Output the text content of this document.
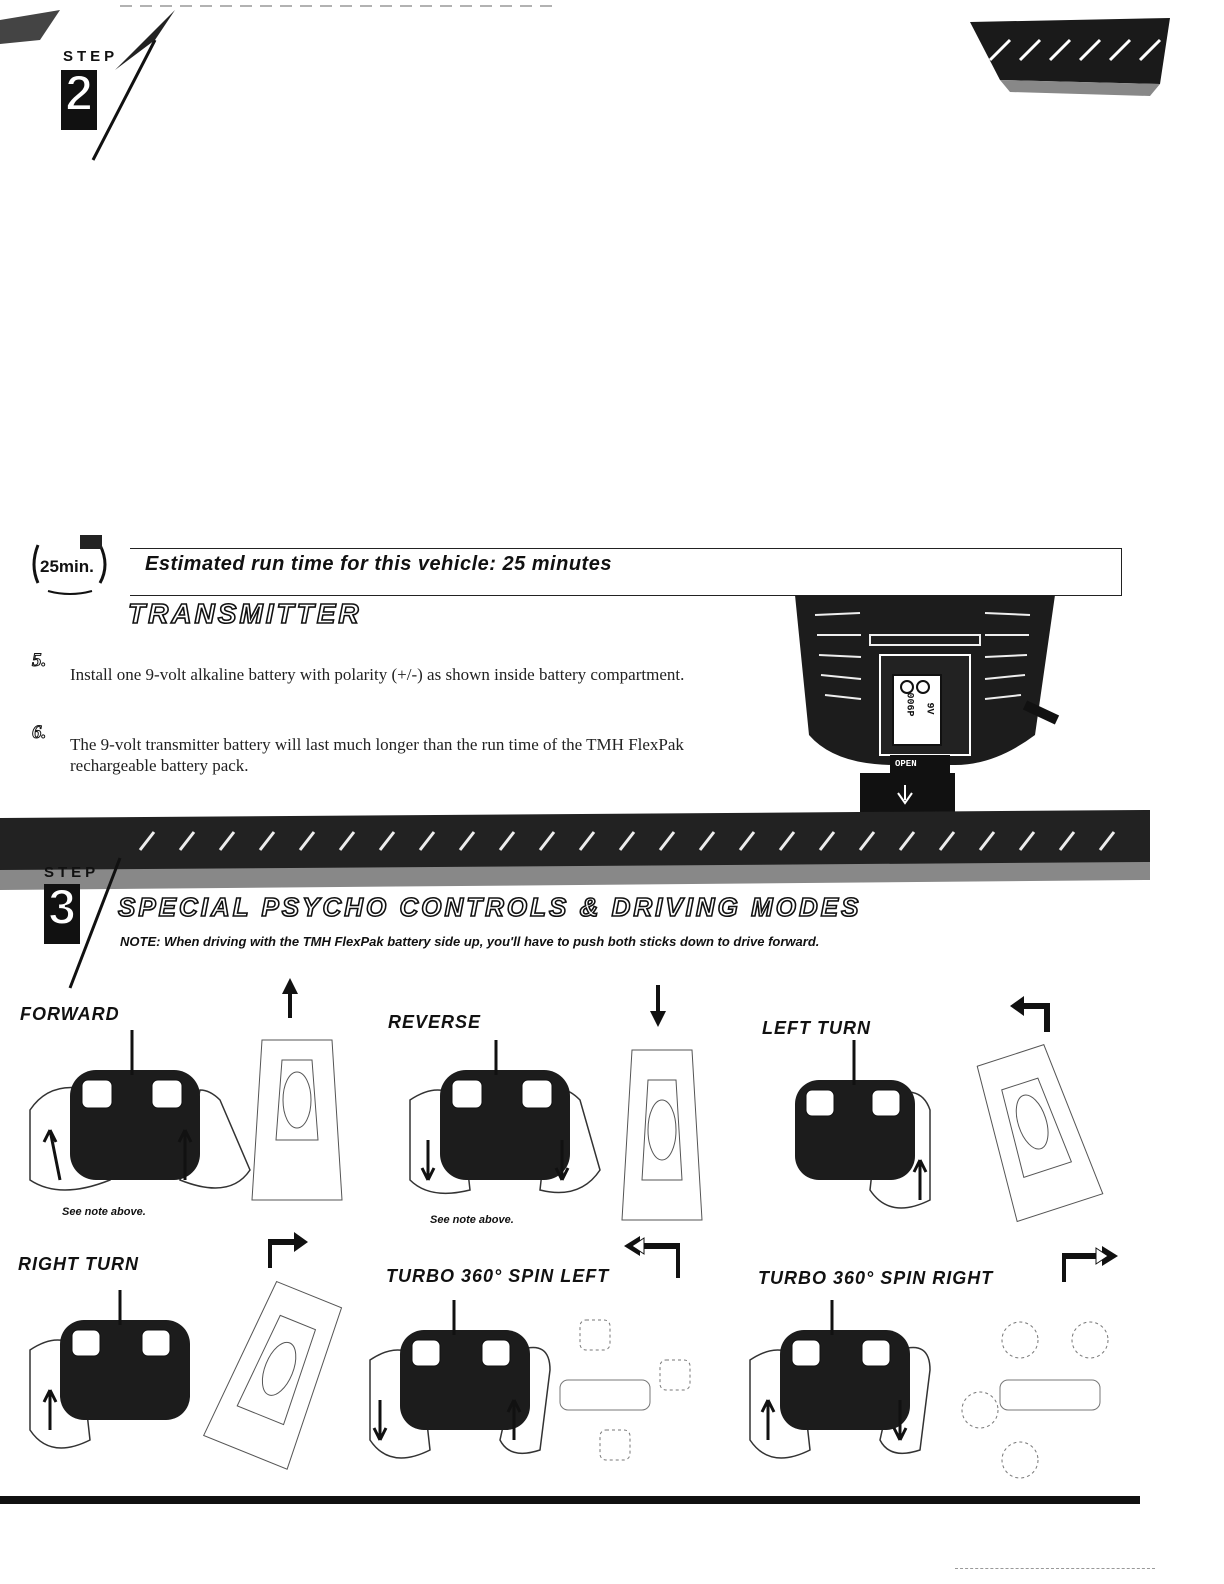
STEP
2
25min.	Estimated run time for this vehicle: 25 minutes
TRANSMITTER
5.
Install one 9-volt alkaline battery with polarity (+/-) as shown inside battery compartment.
6.
The 9-volt transmitter battery will last much longer than the run time of the TMH FlexPak rechargeable battery pack.
006P 9V
OPEN
STEP
3 SPECIAL PSYCHO CONTROLS & DRIVING MODES
NOTE: When driving with the TMH FlexPak battery side up, you'll have to push both sticks down to drive forward.
FORWARD	REVERSE	LEFT TURN
RIGHT TURN
TURBO 360° SPIN LEFT	TURBO 360° SPIN RIGHT
See note above.
See note above.
